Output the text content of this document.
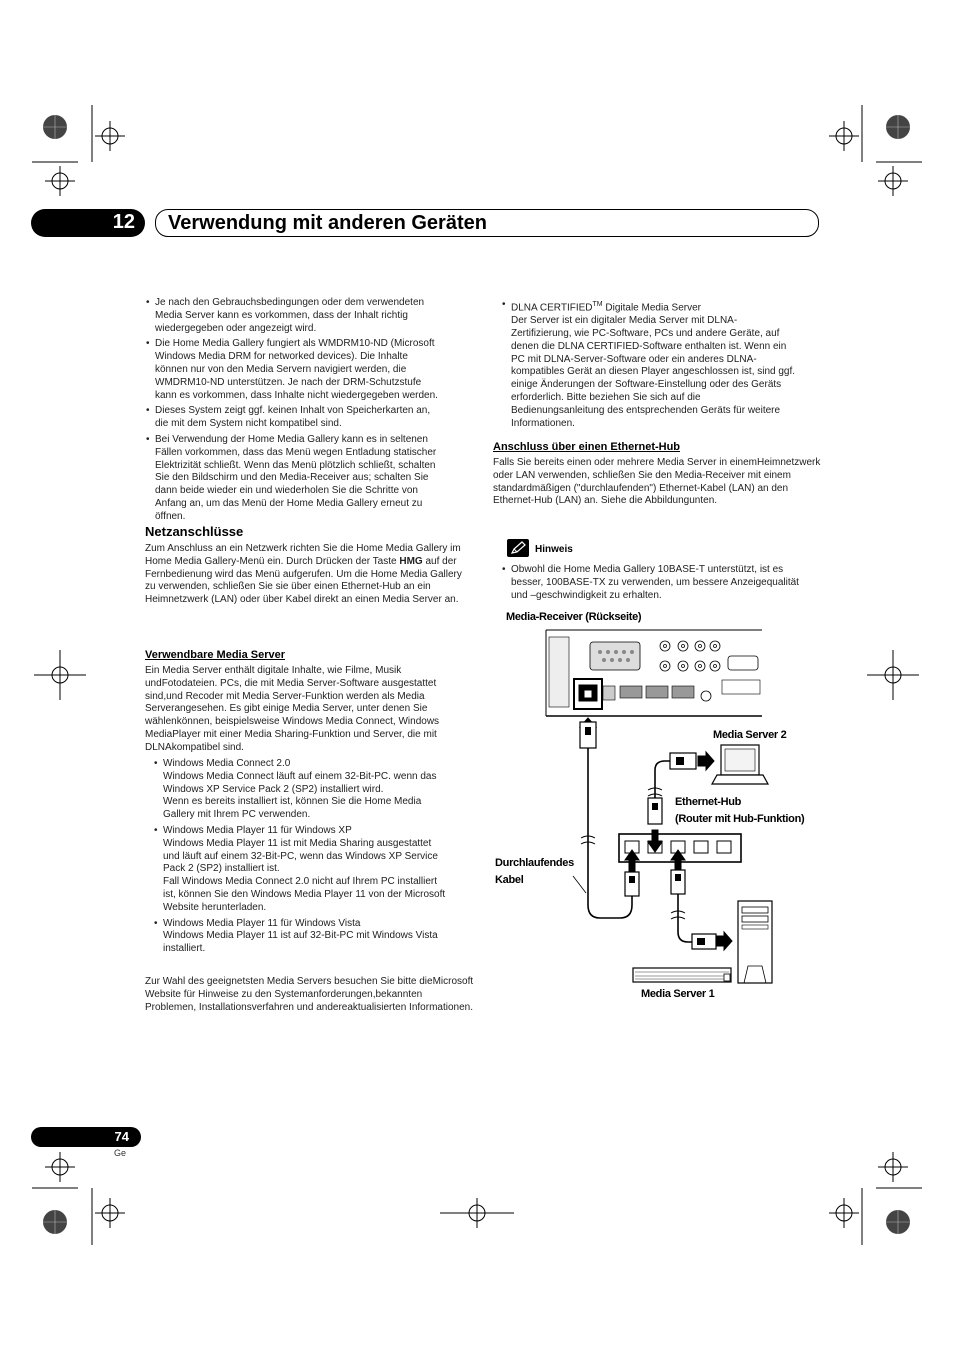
12 Verwendung mit anderen Geräten
• Je nach den Gebrauchsbedingungen oder dem verwendeten
Media Server kann es vorkommen, dass der Inhalt richtig
wiedergegeben oder angezeigt wird.
• Die Home Media Gallery fungiert als WMDRM10-ND (Microsoft
Windows Media DRM for networked devices). Die Inhalte
können nur von den Media Servern navigiert werden, die
WMDRM10-ND unterstützen. Je nach der DRM-Schutzstufe
kann es vorkommen, dass Inhalte nicht wiedergegeben werden.
• Dieses System zeigt ggf. keinen Inhalt von Speicherkarten an,
die mit dem System nicht kompatibel sind.
• Bei Verwendung der Home Media Gallery kann es in seltenen
Fällen vorkommen, dass das Menü wegen Entladung statischer
Elektrizität schließt. Wenn das Menü plötzlich schließt, schalten
Sie den Bildschirm und den Media-Receiver aus; schalten Sie
dann beide wieder ein und wiederholen Sie die Schritte von
Anfang an, um das Menü der Home Media Gallery erneut zu
öffnen.
Netzanschlüsse

Zum Anschluss an ein Netzwerk richten Sie die Home Media Gallery im Home Media Gallery-Menü ein. Durch Drücken der Taste HMG auf der Fernbedienung wird das Menü aufgerufen. Um die Home Media Gallery zu verwenden, schließen Sie sie über einen Ethernet-Hub an ein Heimnetzwerk (LAN) oder über Kabel direkt an einen Media Server an.

Verwendbare Media Server

Ein Media Server enthält digitale Inhalte, wie Filme, Musik undFotodateien. PCs, die mit Media Server-Software ausgestattet sind,und Recoder mit Media Server-Funktion werden als Media Serverangesehen. Es gibt einige Media Server, unter denen Sie wählenkönnen, beispielsweise Windows Media Connect, Windows MediaPlayer mit einer Media Sharing-Funktion und Server, die mit DLNAkompatibel sind.

• Windows Media Connect 2.0
Windows Media Connect läuft auf einem 32-Bit-PC. wenn das
Windows XP Service Pack 2 (SP2) installiert wird.
Wenn es bereits installiert ist, können Sie die Home Media
Gallery mit Ihrem PC verwenden.
• Windows Media Player 11 für Windows XP
Windows Media Player 11 ist mit Media Sharing ausgestattet
und läuft auf einem 32-Bit-PC, wenn das Windows XP Service
Pack 2 (SP2) installiert ist.
Fall Windows Media Connect 2.0 nicht auf Ihrem PC installiert
ist, können Sie den Windows Media Player 11 von der Microsoft
Website herunterladen.
• Windows Media Player 11 für Windows Vista
Windows Media Player 11 ist auf 32-Bit-PC mit Windows Vista
installiert.

Zur Wahl des geeignetsten Media Servers besuchen Sie bitte dieMicrosoft Website für Hinweise zu den Systemanforderungen,bekannten Problemen, Installationsverfahren und andereaktualisierten Informationen.

• DLNA CERTIFIED™ Digitale Media Server
Der Server ist ein digitaler Media Server mit DLNA-
Zertifizierung, wie PC-Software, PCs und andere Geräte, auf
denen die DLNA CERTIFIED-Software enthalten ist. Wenn ein
PC mit DLNA-Server-Software oder ein anderes DLNA-
kompatibles Gerät an diesen Player angeschlossen ist, sind ggf.
einige Änderungen der Software-Einstellung oder des Geräts
erforderlich. Bitte beziehen Sie sich auf die
Bedienungsanleitung des entsprechenden Geräts für weitere
Informationen.
Anschluss über einen Ethernet-Hub

Falls Sie bereits einen oder mehrere Media Server in einemHeimnetzwerk oder LAN verwenden, schließen Sie den Media-Receiver mit einem standardmäßigen ("durchlaufenden") Ethernet-Kabel (LAN) an den Ethernet-Hub (LAN) an. Siehe die Abbildungunten.

Hinweis
• Obwohl die Home Media Gallery 10BASE-T unterstützt, ist es
besser, 100BASE-TX zu verwenden, um bessere Anzeigequalität
und –geschwindigkeit zu erhalten.
Media-Receiver (Rückseite)
Media Server 2
Ethernet-Hub
(Router mit Hub-Funktion)
Durchlaufendes
Kabel
Media Server 1
74
Ge
